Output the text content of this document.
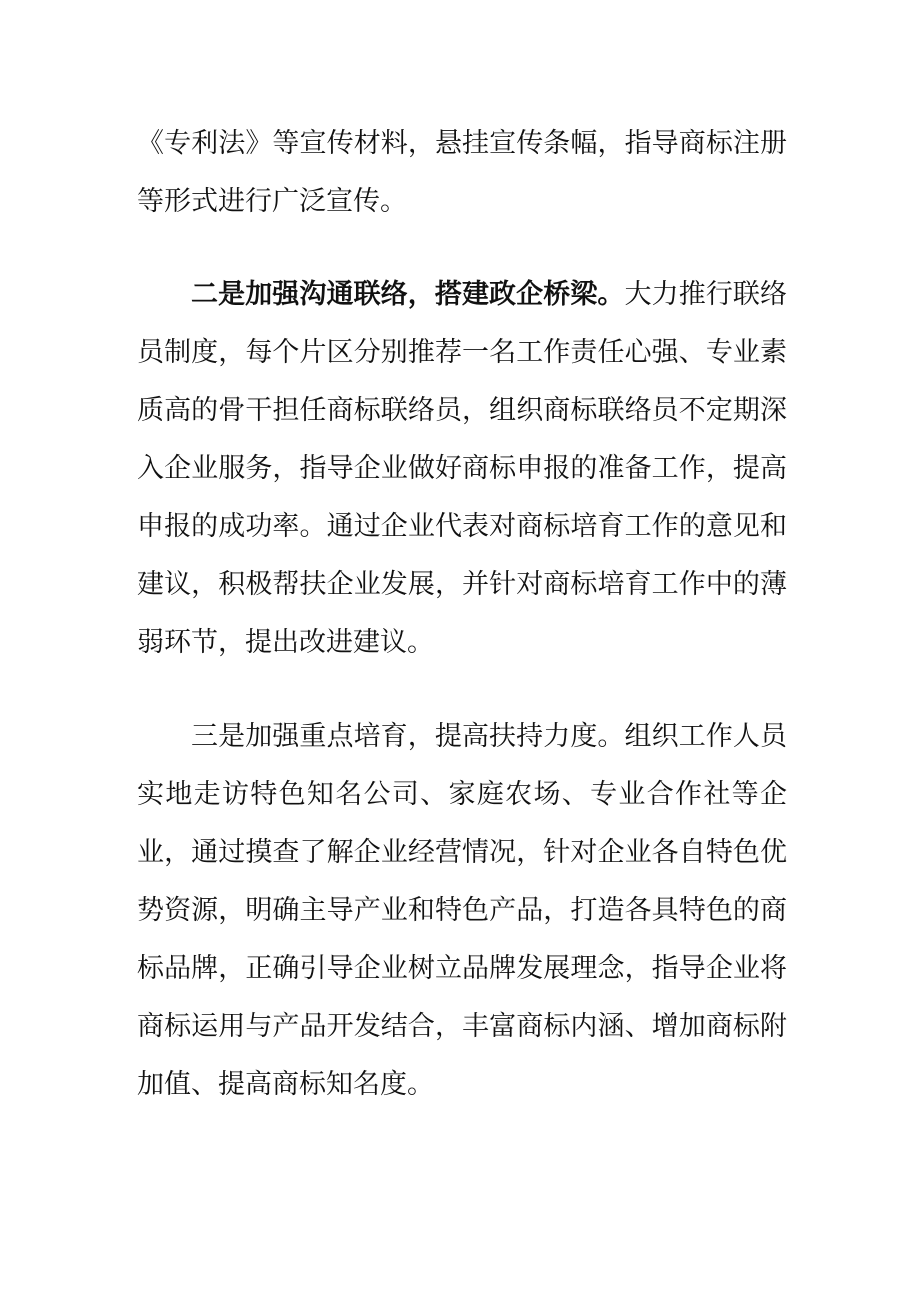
《专利法》等宣传材料，悬挂宣传条幅，指导商标注册等形式进行广泛宣传。

二是加强沟通联络，搭建政企桥梁。大力推行联络员制度，每个片区分别推荐一名工作责任心强、专业素质高的骨干担任商标联络员，组织商标联络员不定期深入企业服务，指导企业做好商标申报的准备工作，提高申报的成功率。通过企业代表对商标培育工作的意见和建议，积极帮扶企业发展，并针对商标培育工作中的薄弱环节，提出改进建议。

三是加强重点培育，提高扶持力度。组织工作人员实地走访特色知名公司、家庭农场、专业合作社等企业，通过摸查了解企业经营情况，针对企业各自特色优势资源，明确主导产业和特色产品，打造各具特色的商标品牌，正确引导企业树立品牌发展理念，指导企业将商标运用与产品开发结合，丰富商标内涵、增加商标附加值、提高商标知名度。
